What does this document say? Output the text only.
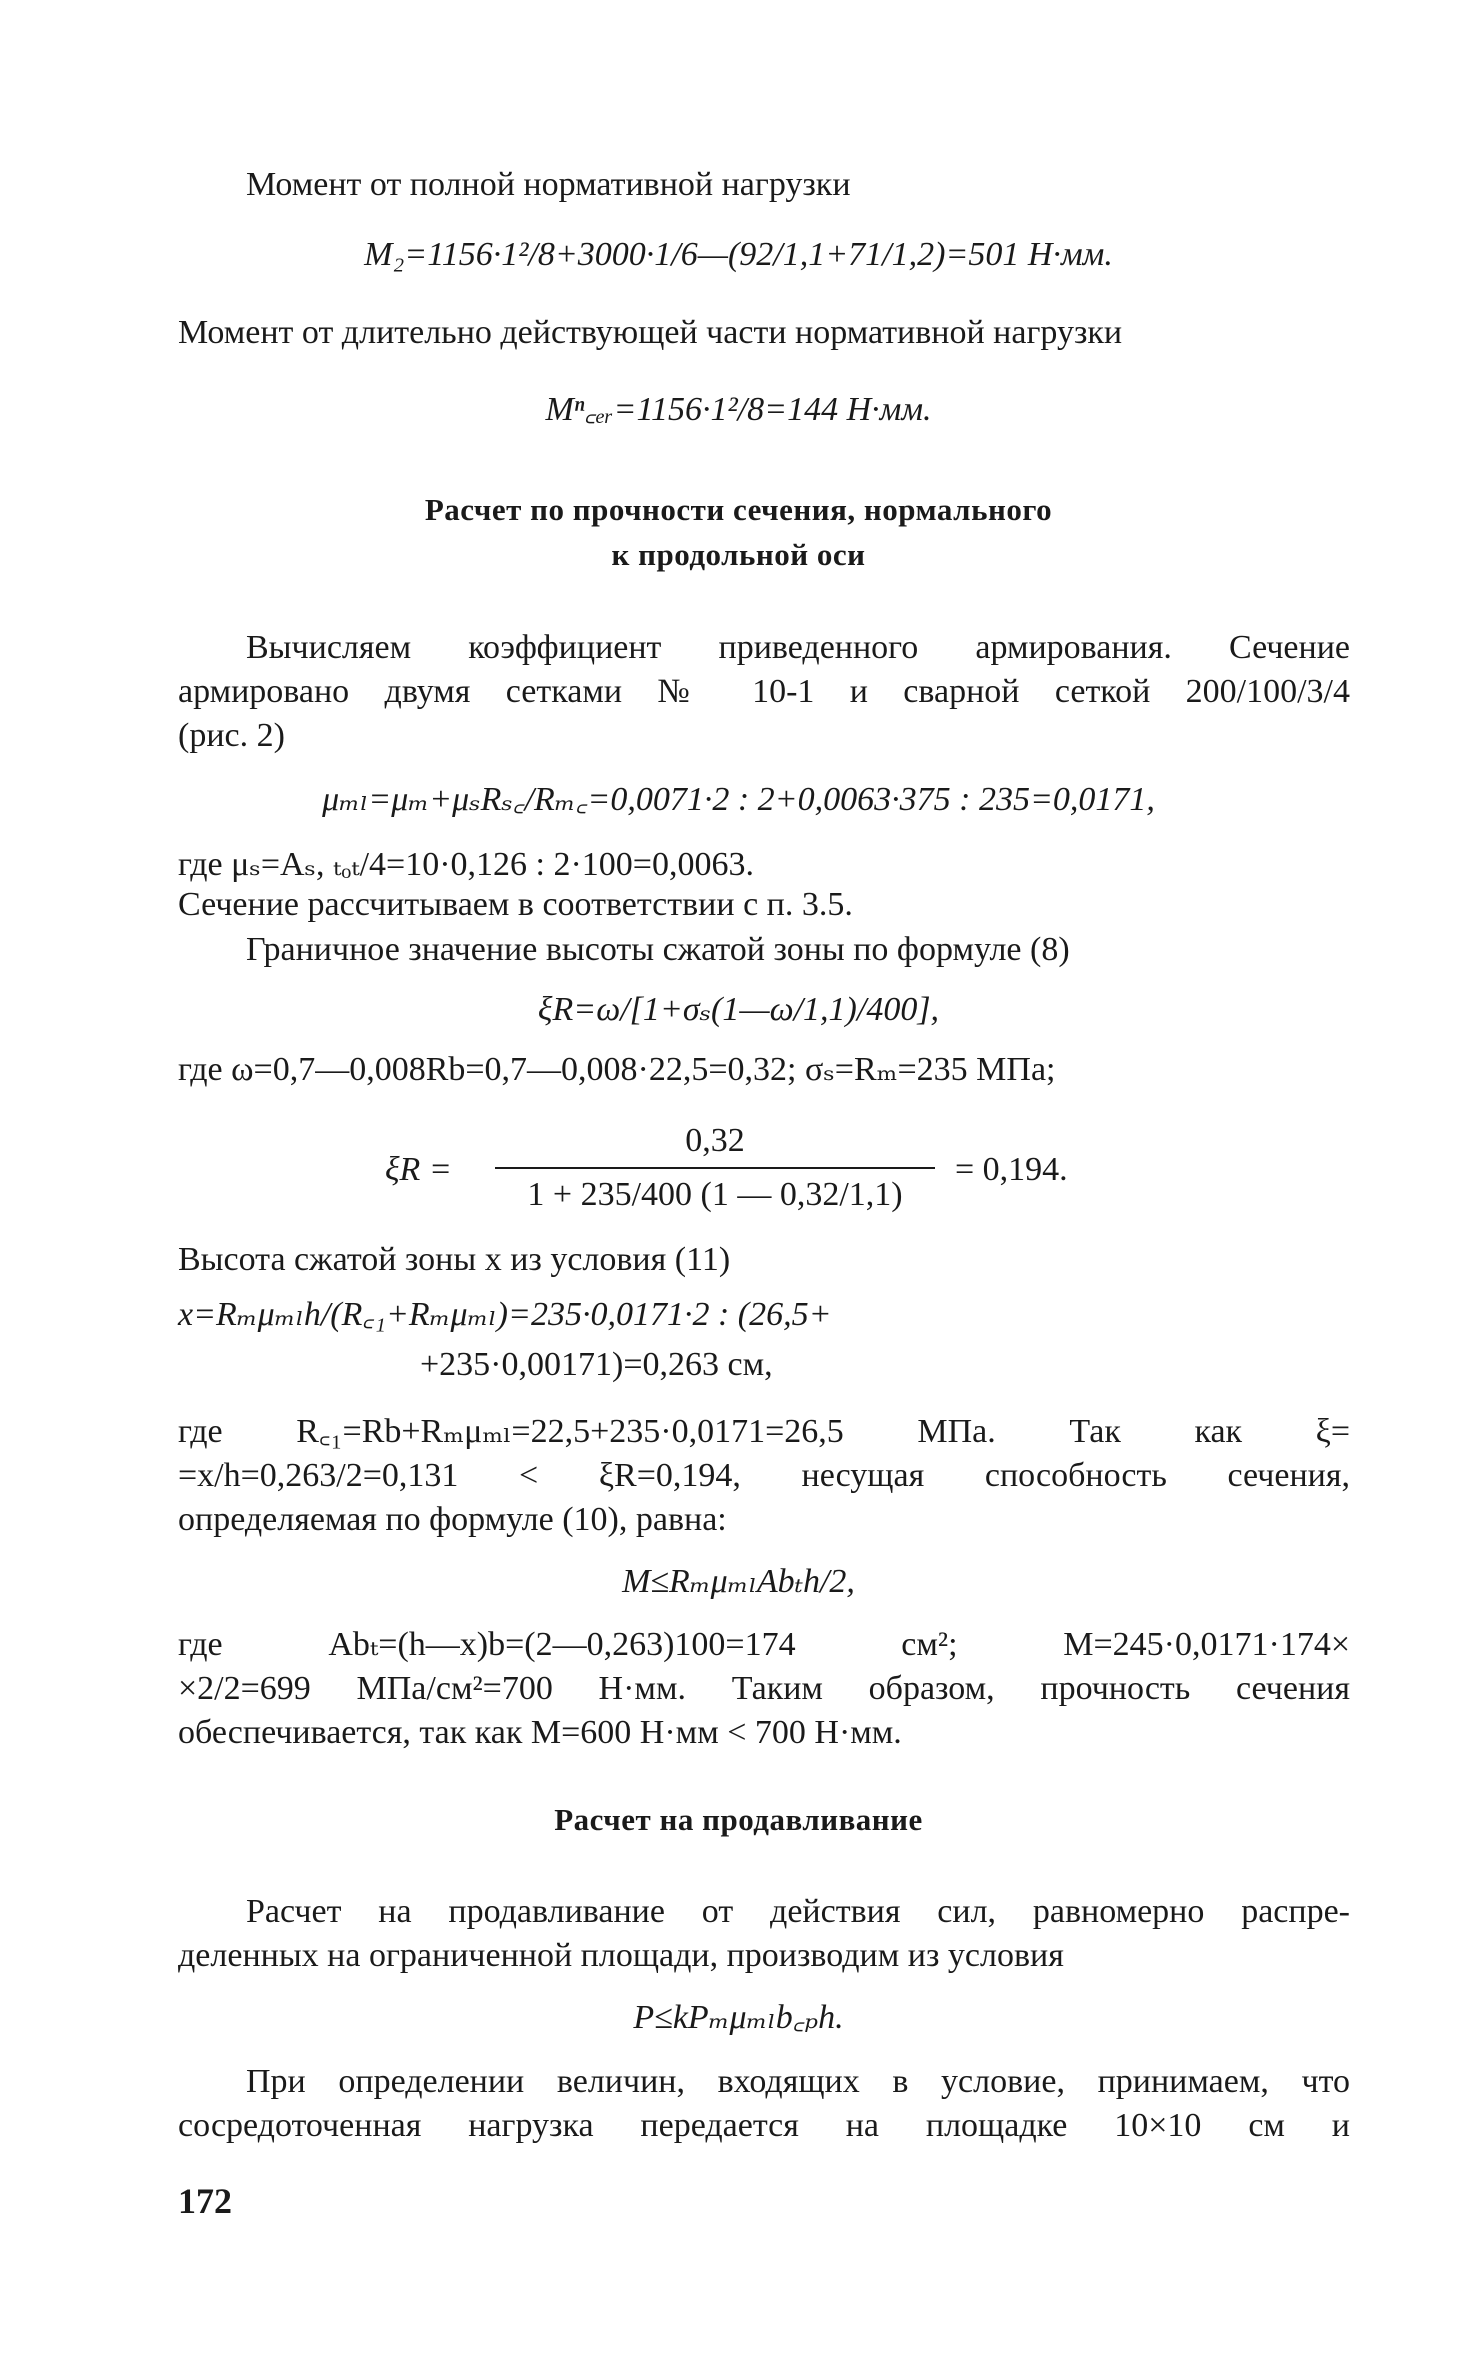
Момент от полной нормативной нагрузки
M₂=1156·1²/8+3000·1/6—(92/1,1+71/1,2)=501 Н·мм.
Момент от длительно действующей части нормативной нагрузки
Mⁿ꜀ₑᵣ=1156·1²/8=144 Н·мм.
Расчет по прочности сечения, нормального
к продольной оси
Вычисляем коэффициент приведенного армирования. Сечение
армировано двумя сетками № 10-1 и сварной сеткой 200/100/3/4
(рис. 2)
μₘₗ=μₘ+μₛRₛ꜀/Rₘ꜀=0,0071·2 : 2+0,0063·375 : 235=0,0171,
где μₛ=Aₛ, ₜₒₜ/4=10·0,126 : 2·100=0,0063.
Сечение рассчитываем в соответствии с п. 3.5.
Граничное значение высоты сжатой зоны по формуле (8)
ξR=ω/[1+σₛ(1—ω/1,1)/400],
где ω=0,7—0,008Rb=0,7—0,008·22,5=0,32; σₛ=Rₘ=235 МПа;
ξR =
0,32
1 + 235/400 (1 — 0,32/1,1)
= 0,194.
Высота сжатой зоны x из условия (11)
x=Rₘμₘₗh/(R꜀₁+Rₘμₘₗ)=235·0,0171·2 : (26,5+
+235·0,00171)=0,263 см,
где R꜀₁=Rb+Rₘμₘₗ=22,5+235·0,0171=26,5 МПа. Так как ξ=
=x/h=0,263/2=0,131 < ξR=0,194, несущая способность сечения,
определяемая по формуле (10), равна:
M≤RₘμₘₗAbₜh/2,
где Abₜ=(h—x)b=(2—0,263)100=174 см²; M=245·0,0171·174×
×2/2=699 МПа/см²=700 Н·мм. Таким образом, прочность сечения
обеспечивается, так как M=600 Н·мм < 700 Н·мм.
Расчет на продавливание
Расчет на продавливание от действия сил, равномерно распре-
деленных на ограниченной площади, производим из условия
P≤kPₘμₘₗb꜀ₚh.
При определении величин, входящих в условие, принимаем, что
сосредоточенная нагрузка передается на площадке 10×10 см и
172
